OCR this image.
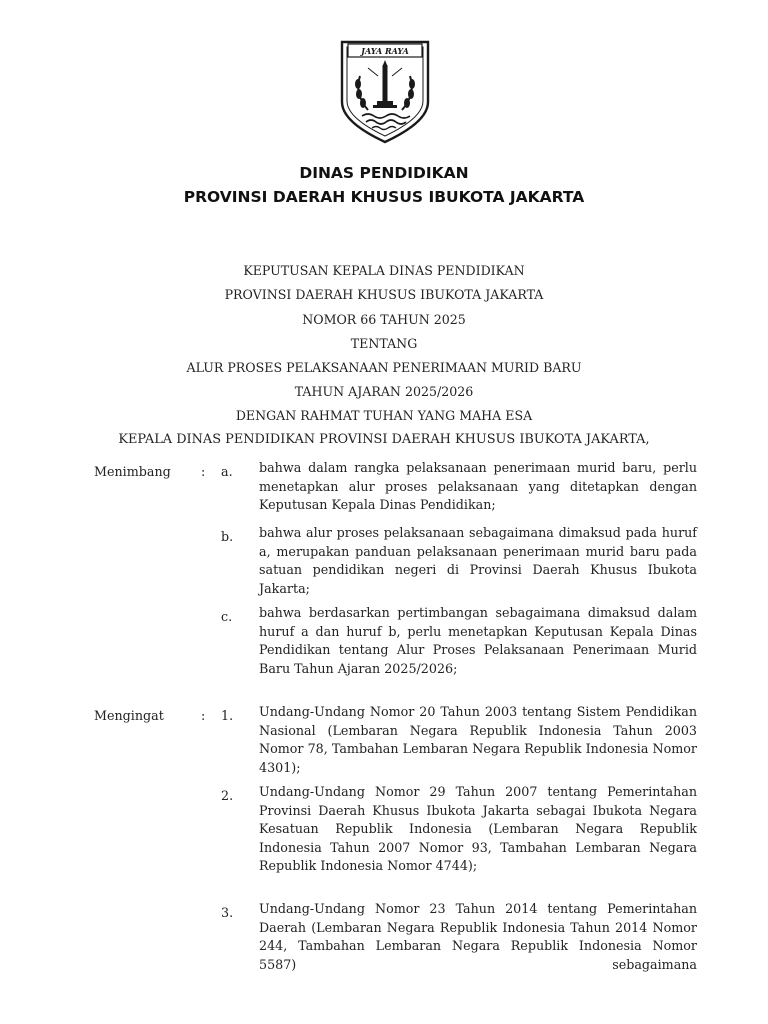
JAYA RAYA
DINAS PENDIDIKAN
PROVINSI DAERAH KHUSUS IBUKOTA JAKARTA
KEPUTUSAN KEPALA DINAS PENDIDIKAN
PROVINSI DAERAH KHUSUS IBUKOTA JAKARTA
NOMOR 66 TAHUN 2025
TENTANG
ALUR PROSES PELAKSANAAN PENERIMAAN MURID BARU
TAHUN AJARAN 2025/2026
DENGAN RAHMAT TUHAN YANG MAHA ESA
KEPALA DINAS PENDIDIKAN PROVINSI DAERAH KHUSUS IBUKOTA JAKARTA,
Menimbang : a. bahwa dalam rangka pelaksanaan penerimaan murid baru, perlu menetapkan alur proses pelaksanaan yang ditetapkan dengan Keputusan Kepala Dinas Pendidikan;
b. bahwa alur proses pelaksanaan sebagaimana dimaksud pada huruf a, merupakan panduan pelaksanaan penerimaan murid baru pada satuan pendidikan negeri di Provinsi Daerah Khusus Ibukota Jakarta;
c. bahwa berdasarkan pertimbangan sebagaimana dimaksud dalam huruf a dan huruf b, perlu menetapkan Keputusan Kepala Dinas Pendidikan tentang Alur Proses Pelaksanaan Penerimaan Murid Baru Tahun Ajaran 2025/2026;
Mengingat	: 1. Undang-Undang Nomor 20 Tahun 2003 tentang Sistem Pendidikan Nasional (Lembaran Negara Republik Indonesia Tahun 2003 Nomor 78, Tambahan Lembaran Negara Republik Indonesia Nomor 4301);
2. Undang-Undang Nomor 29 Tahun 2007 tentang Pemerintahan Provinsi Daerah Khusus Ibukota Jakarta sebagai Ibukota Negara Kesatuan Republik Indonesia (Lembaran Negara Republik Indonesia Tahun 2007 Nomor 93, Tambahan Lembaran Negara Republik Indonesia Nomor 4744);
3. Undang-Undang Nomor 23 Tahun 2014 tentang Pemerintahan Daerah (Lembaran Negara Republik Indonesia Tahun 2014 Nomor 244, Tambahan Lembaran Negara Republik Indonesia Nomor 5587) sebagaimana
